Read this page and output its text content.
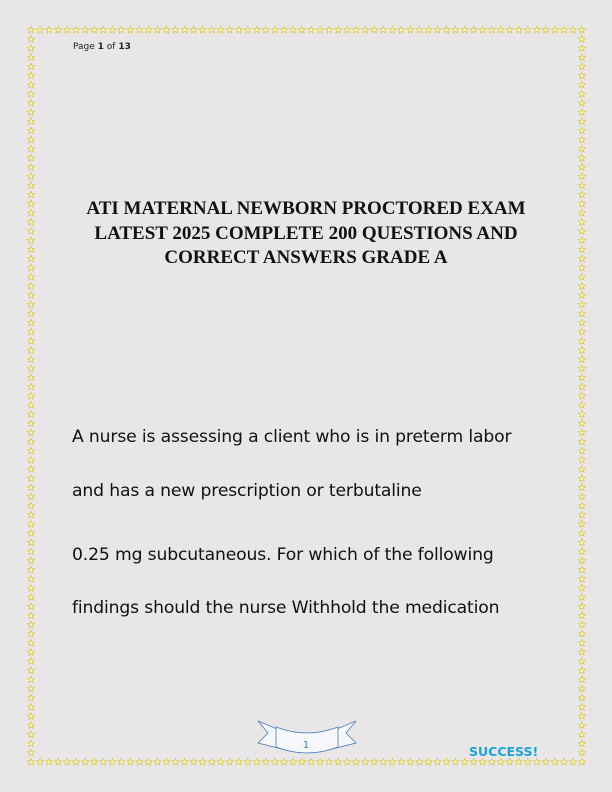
Page 1 of 13
ATI MATERNAL NEWBORN PROCTORED EXAM
LATEST 2025 COMPLETE 200 QUESTIONS AND
CORRECT ANSWERS GRADE A
A nurse is assessing a client who is in preterm labor
and has a new prescription or terbutaline
0.25 mg subcutaneous. For which of the following
findings should the nurse Withhold the medication
1	SUCCESS!
